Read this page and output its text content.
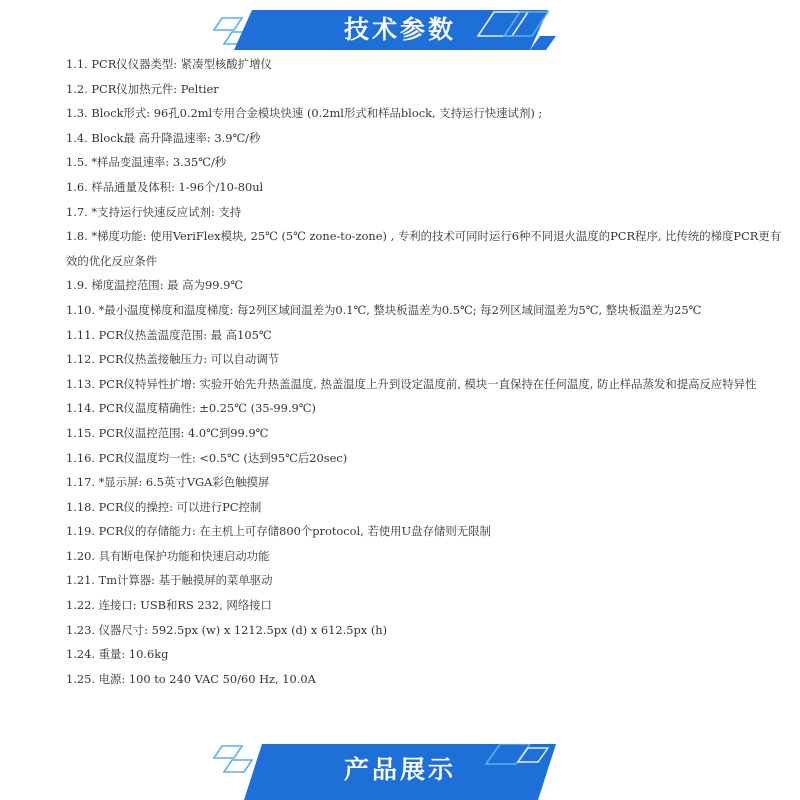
技术参数
1.1. PCR仪仪器类型: 紧凑型核酸扩增仪
1.2. PCR仪加热元件: Peltier
1.3. Block形式: 96孔0.2ml专用合金模块快速 (0.2ml形式和样品block, 支持运行快速试剂) ;
1.4. Block最 高升降温速率: 3.9℃/秒
1.5. *样品变温速率: 3.35℃/秒
1.6. 样品通量及体积: 1-96个/10-80ul
1.7. *支持运行快速反应试剂: 支持
1.8. *梯度功能: 使用VeriFlex模块, 25℃ (5℃ zone-to-zone) , 专利的技术可同时运行6种不同退火温度的PCR程序, 比传统的梯度PCR更有效的优化反应条件
1.9. 梯度温控范围: 最 高为99.9℃
1.10. *最小温度梯度和温度梯度: 每2列区域间温差为0.1℃, 整块板温差为0.5℃; 每2列区域间温差为5℃, 整块板温差为25℃
1.11. PCR仪热盖温度范围: 最 高105℃
1.12. PCR仪热盖接触压力: 可以自动调节
1.13. PCR仪特异性扩增: 实验开始先升热盖温度, 热盖温度上升到设定温度前, 模块一直保持在任何温度, 防止样品蒸发和提高反应特异性
1.14. PCR仪温度精确性: ±0.25℃ (35-99.9℃)
1.15. PCR仪温控范围: 4.0℃到99.9℃
1.16. PCR仪温度均一性: <0.5℃ (达到95℃后20sec)
1.17. *显示屏: 6.5英寸VGA彩色触摸屏
1.18. PCR仪的操控: 可以进行PC控制
1.19. PCR仪的存储能力: 在主机上可存储800个protocol, 若使用U盘存储则无限制
1.20. 具有断电保护功能和快速启动功能
1.21. Tm计算器: 基于触摸屏的菜单驱动
1.22. 连接口: USB和RS 232, 网络接口
1.23. 仪器尺寸: 592.5px (w) x 1212.5px (d) x 612.5px (h)
1.24. 重量: 10.6kg
1.25. 电源: 100 to 240 VAC 50/60 Hz, 10.0A
产品展示
